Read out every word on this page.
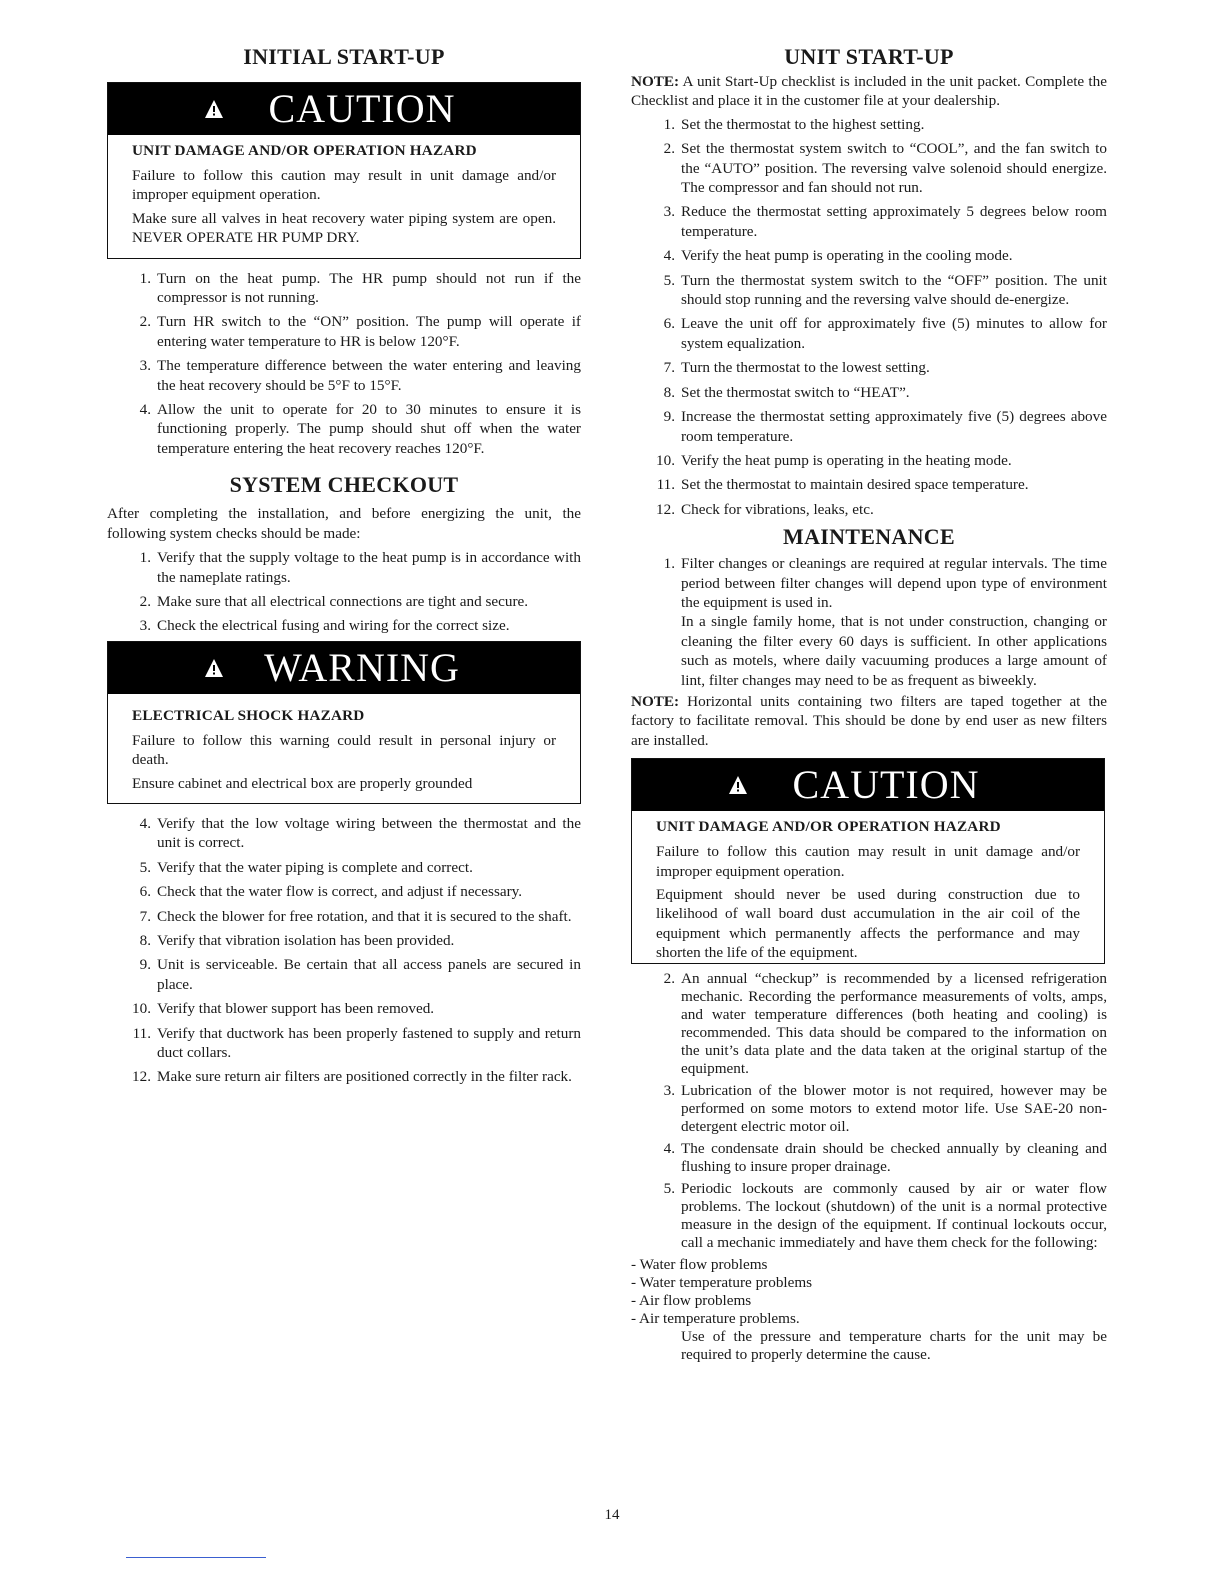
INITIAL START-UP
CAUTION
UNIT DAMAGE AND/OR OPERATION HAZARD

Failure to follow this caution may result in unit damage and/or improper equipment operation.

Make sure all valves in heat recovery water piping system are open. NEVER OPERATE HR PUMP DRY.

1. Turn on the heat pump. The HR pump should not run if the compressor is not running.
2. Turn HR switch to the “ON” position. The pump will operate if entering water temperature to HR is below 120°F.
3. The temperature difference between the water entering and leaving the heat recovery should be 5°F to 15°F.
4. Allow the unit to operate for 20 to 30 minutes to ensure it is functioning properly. The pump should shut off when the water temperature entering the heat recovery reaches 120°F.
SYSTEM CHECKOUT

After completing the installation, and before energizing the unit, the following system checks should be made:

1. Verify that the supply voltage to the heat pump is in accordance with the nameplate ratings.
2. Make sure that all electrical connections are tight and secure.
3. Check the electrical fusing and wiring for the correct size.
WARNING
ELECTRICAL SHOCK HAZARD

Failure to follow this warning could result in personal injury or death.

Ensure cabinet and electrical box are properly grounded

4. Verify that the low voltage wiring between the thermostat and the unit is correct.
5. Verify that the water piping is complete and correct.
6. Check that the water flow is correct, and adjust if necessary.
7. Check the blower for free rotation, and that it is secured to the shaft.
8. Verify that vibration isolation has been provided.
9. Unit is serviceable. Be certain that all access panels are secured in place.
10. Verify that blower support has been removed.
11. Verify that ductwork has been properly fastened to supply and return duct collars.
12. Make sure return air filters are positioned correctly in the filter rack.
UNIT START-UP

NOTE: A unit Start-Up checklist is included in the unit packet. Complete the Checklist and place it in the customer file at your dealership.

1. Set the thermostat to the highest setting.
2. Set the thermostat system switch to “COOL”, and the fan switch to the “AUTO” position. The reversing valve solenoid should energize. The compressor and fan should not run.
3. Reduce the thermostat setting approximately 5 degrees below room temperature.
4. Verify the heat pump is operating in the cooling mode.
5. Turn the thermostat system switch to the “OFF” position. The unit should stop running and the reversing valve should de-energize.
6. Leave the unit off for approximately five (5) minutes to allow for system equalization.
7. Turn the thermostat to the lowest setting.
8. Set the thermostat switch to “HEAT”.
9. Increase the thermostat setting approximately five (5) degrees above room temperature.
10. Verify the heat pump is operating in the heating mode.
11. Set the thermostat to maintain desired space temperature.
12. Check for vibrations, leaks, etc.
MAINTENANCE
1. Filter changes or cleanings are required at regular intervals. The time period between filter changes will depend upon type of environment the equipment is used in.
In a single family home, that is not under construction, changing or cleaning the filter every 60 days is sufficient. In other applications such as motels, where daily vacuuming produces a large amount of lint, filter changes may need to be as frequent as biweekly.

NOTE: Horizontal units containing two filters are taped together at the factory to facilitate removal. This should be done by end user as new filters are installed.

CAUTION
UNIT DAMAGE AND/OR OPERATION HAZARD

Failure to follow this caution may result in unit damage and/or improper equipment operation.

Equipment should never be used during construction due to likelihood of wall board dust accumulation in the air coil of the equipment which permanently affects the performance and may shorten the life of the equipment.

2. An annual “checkup” is recommended by a licensed refrigeration mechanic. Recording the performance measurements of volts, amps, and water temperature differences (both heating and cooling) is recommended. This data should be compared to the information on the unit’s data plate and the data taken at the original startup of the equipment.
3. Lubrication of the blower motor is not required, however may be performed on some motors to extend motor life. Use SAE-20 non-detergent electric motor oil.
4. The condensate drain should be checked annually by cleaning and flushing to insure proper drainage.
5. Periodic lockouts are commonly caused by air or water flow problems. The lockout (shutdown) of the unit is a normal protective measure in the design of the equipment. If continual lockouts occur, call a mechanic immediately and have them check for the following:
- Water flow problems
- Water temperature problems
- Air flow problems
- Air temperature problems.

Use of the pressure and temperature charts for the unit may be required to properly determine the cause.

14
